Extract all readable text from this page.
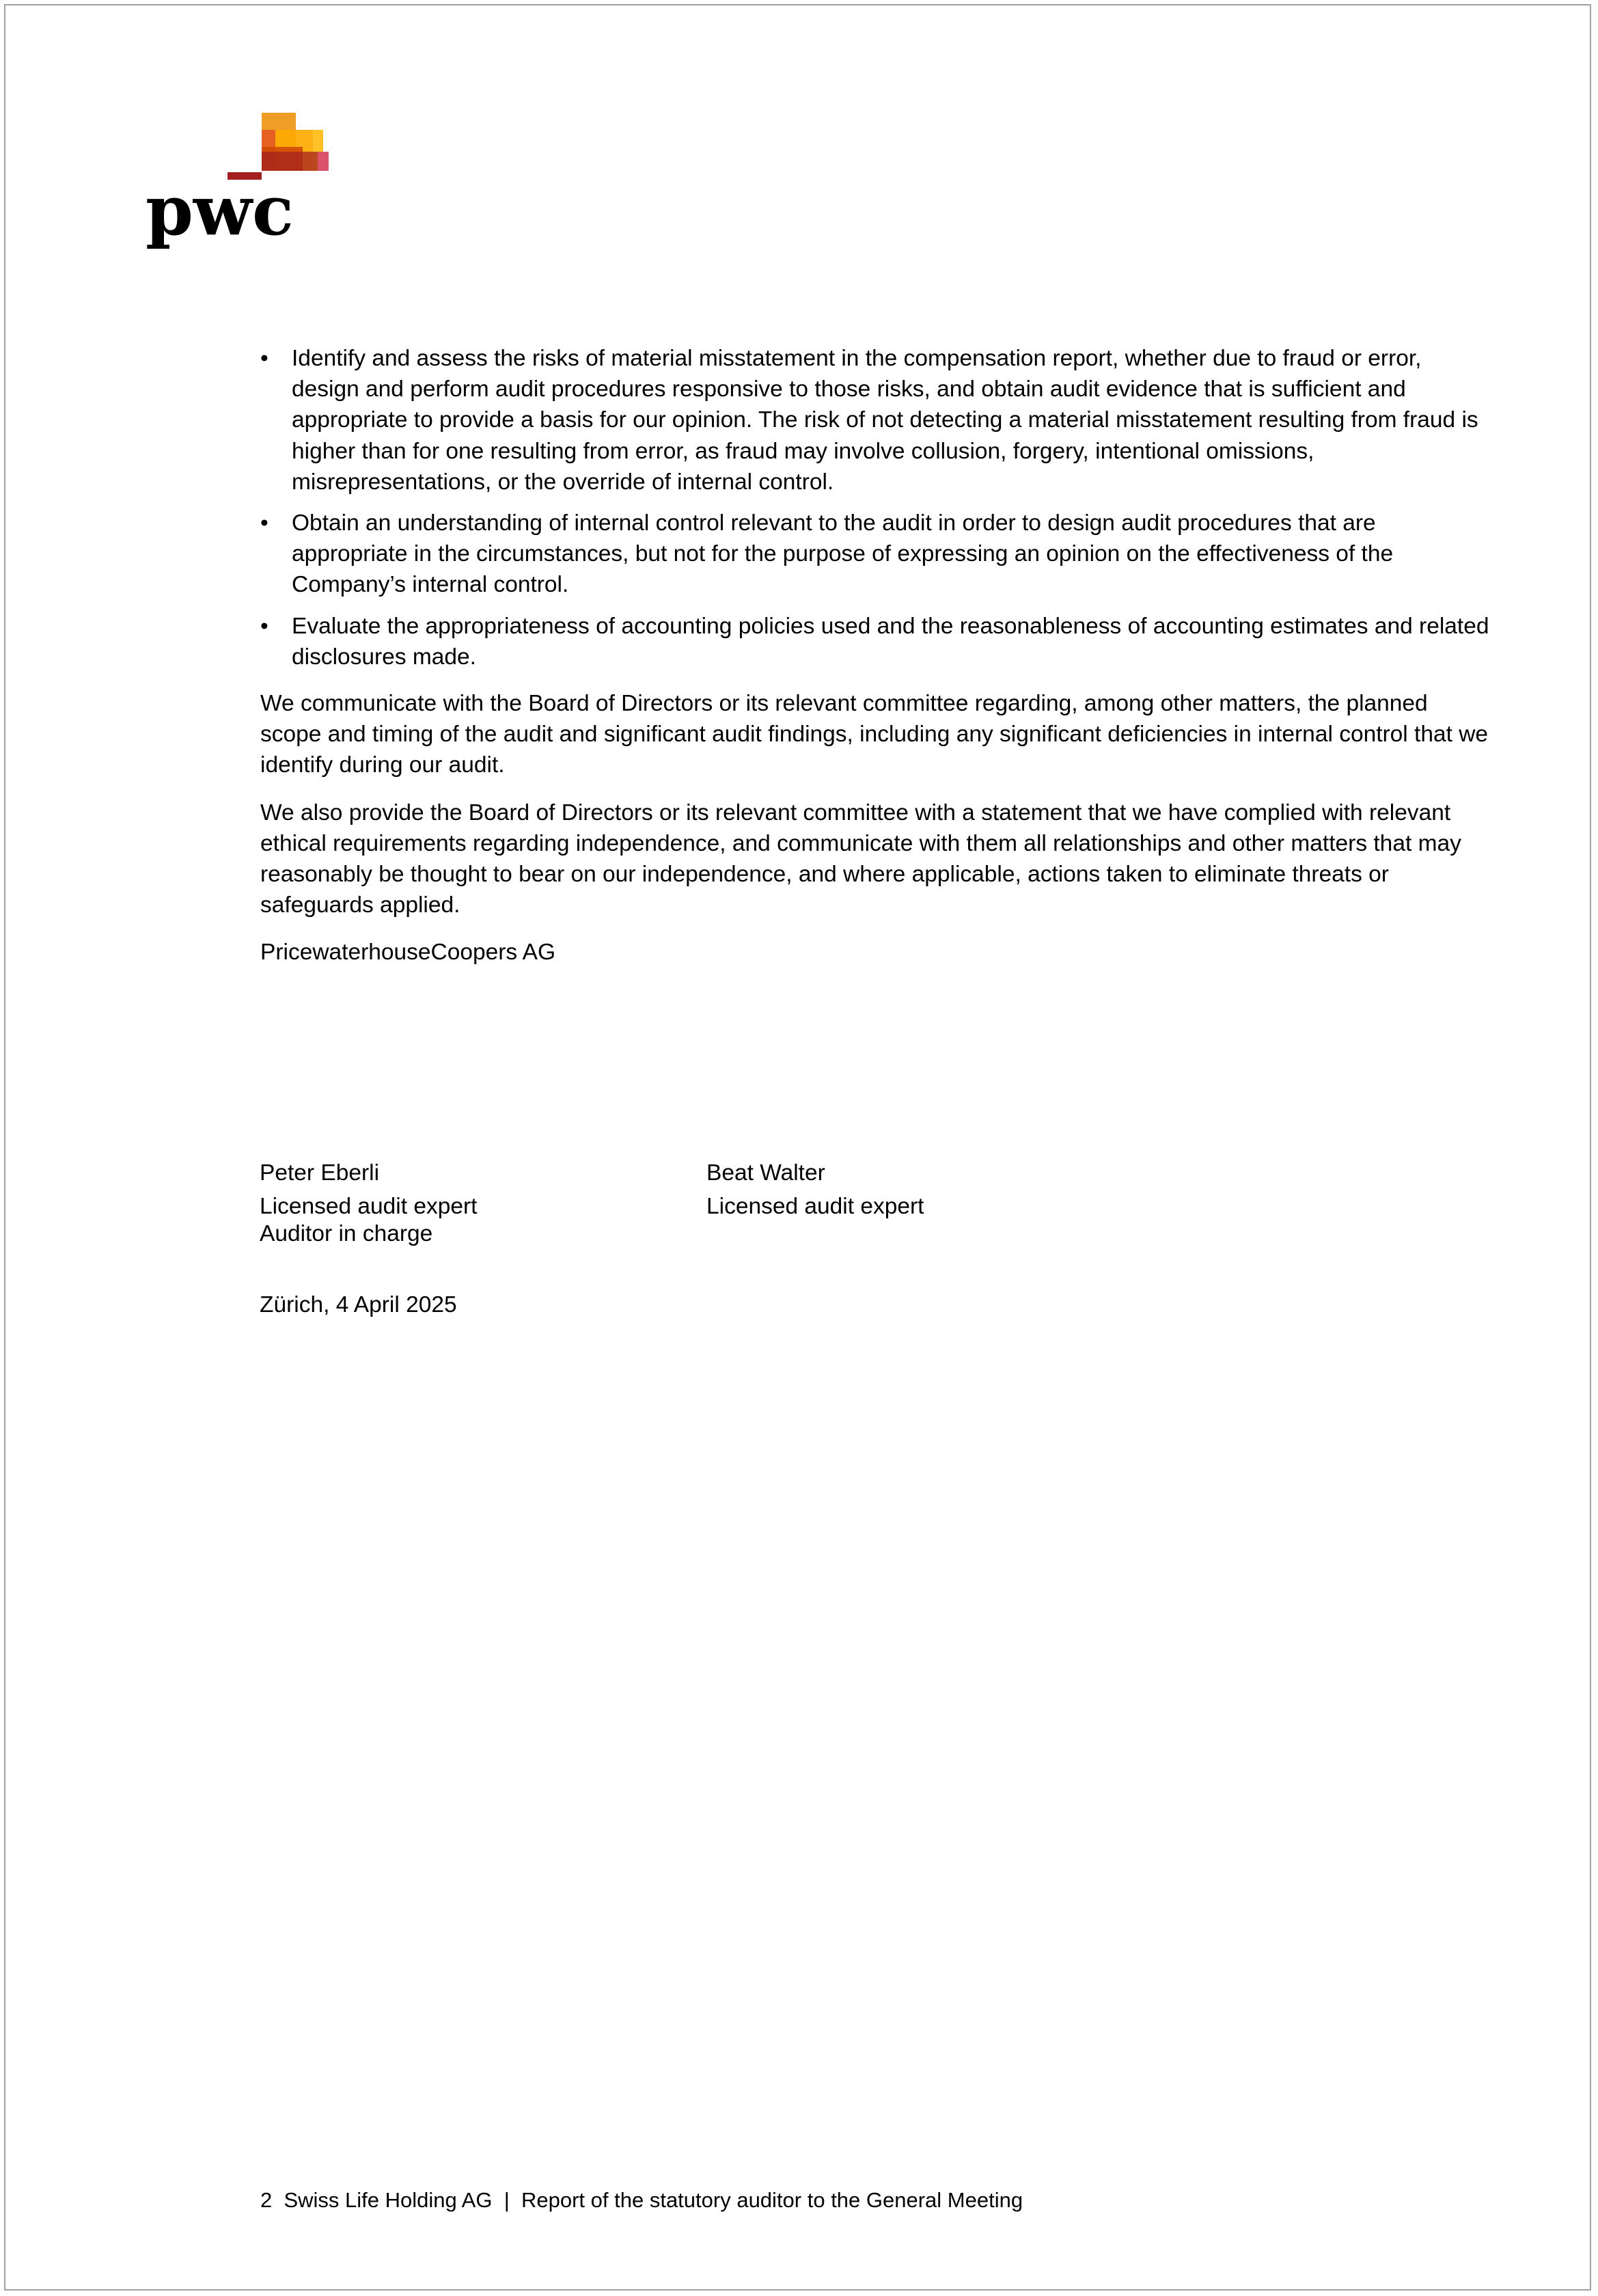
pwc
• Identify and assess the risks of material misstatement in the compensation report, whether due to fraud or error, design and perform audit procedures responsive to those risks, and obtain audit evidence that is sufficient and appropriate to provide a basis for our opinion. The risk of not detecting a material misstatement resulting from fraud is higher than for one resulting from error, as fraud may involve collusion, forgery, intentional omissions, misrepresentations, or the override of internal control.
• Obtain an understanding of internal control relevant to the audit in order to design audit procedures that are appropriate in the circumstances, but not for the purpose of expressing an opinion on the effectiveness of the Company’s internal control.
• Evaluate the appropriateness of accounting policies used and the reasonableness of accounting estimates and related disclosures made.

We communicate with the Board of Directors or its relevant committee regarding, among other matters, the planned scope and timing of the audit and significant audit findings, including any significant deficiencies in internal control that we identify during our audit.

We also provide the Board of Directors or its relevant committee with a statement that we have complied with relevant ethical requirements regarding independence, and communicate with them all relationships and other matters that may reasonably be thought to bear on our independence, and where applicable, actions taken to eliminate threats or safeguards applied.

PricewaterhouseCoopers AG

Peter Eberli
Licensed audit expert
Auditor in charge
Beat Walter
Licensed audit expert
Zürich, 4 April 2025
2 Swiss Life Holding AG | Report of the statutory auditor to the General Meeting
